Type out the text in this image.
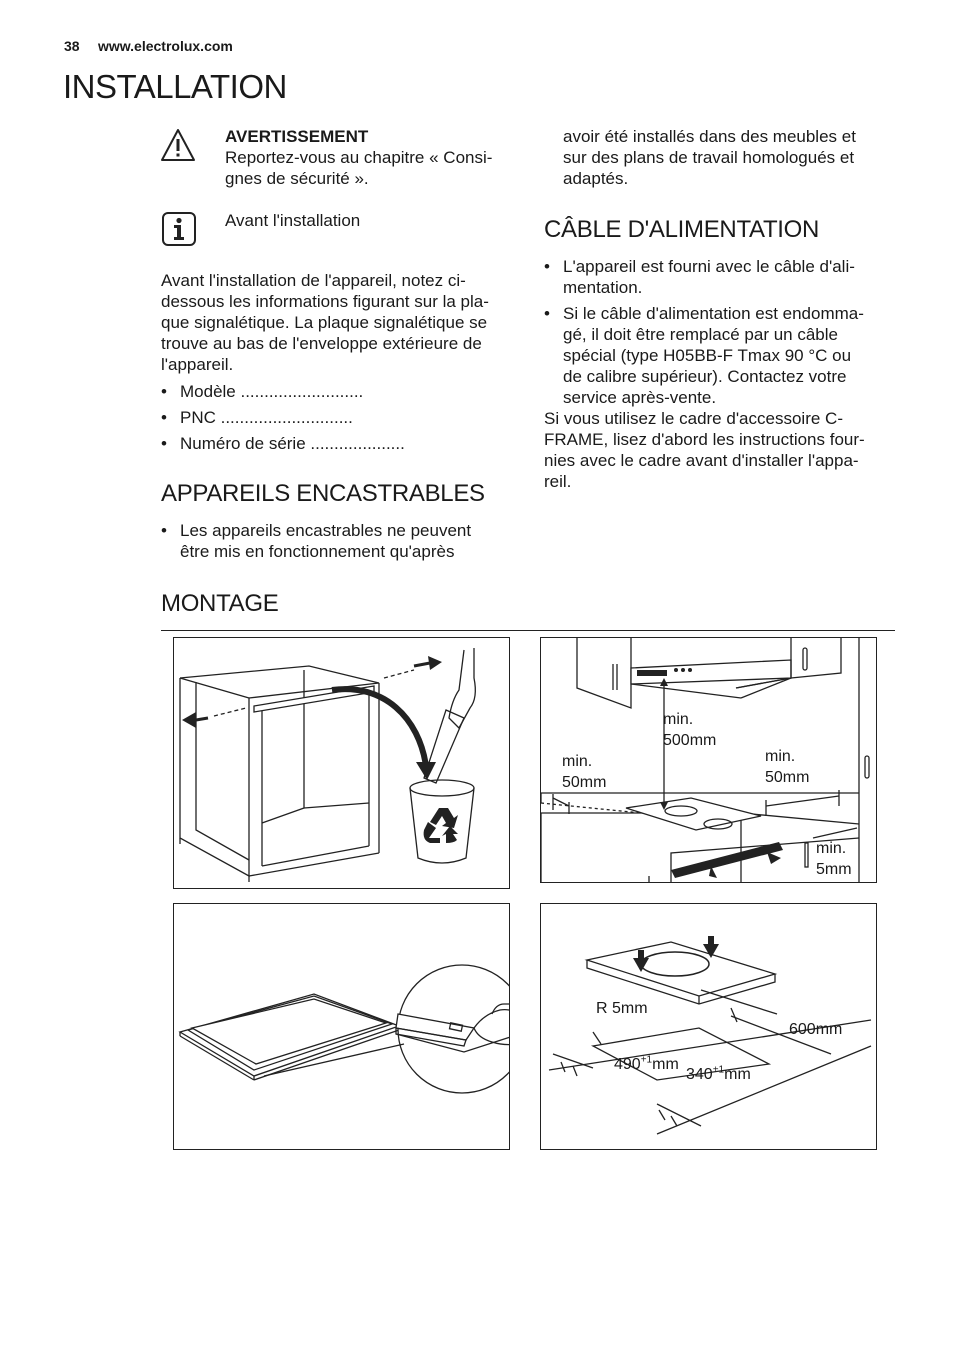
38 www.electrolux.com
INSTALLATION
AVERTISSEMENT
Reportez-vous au chapitre « Consi-
gnes de sécurité ».
Avant l'installation
Avant l'installation de l'appareil, notez ci-
dessous les informations figurant sur la pla-
que signalétique. La plaque signalétique se
trouve au bas de l'enveloppe extérieure de
l'appareil.
• Modèle ..........................
• PNC ............................
• Numéro de série ....................
APPAREILS ENCASTRABLES
• Les appareils encastrables ne peuvent
être mis en fonctionnement qu'après
avoir été installés dans des meubles et
sur des plans de travail homologués et
adaptés.
CÂBLE D'ALIMENTATION
• L'appareil est fourni avec le câble d'ali-
mentation.
• Si le câble d'alimentation est endomma-
gé, il doit être remplacé par un câble
spécial (type H05BB-F Tmax 90 °C ou
de calibre supérieur). Contactez votre
service après-vente.
Si vous utilisez le cadre d'accessoire C-
FRAME, lisez d'abord les instructions four-
nies avec le cadre avant d'installer l'appa-
reil.
MONTAGE
min.
500mm
min.
50mm
min.
50mm
min.
5mm
R 5mm
600mm
$490^{+1}mm$
$340^{+1}mm$
